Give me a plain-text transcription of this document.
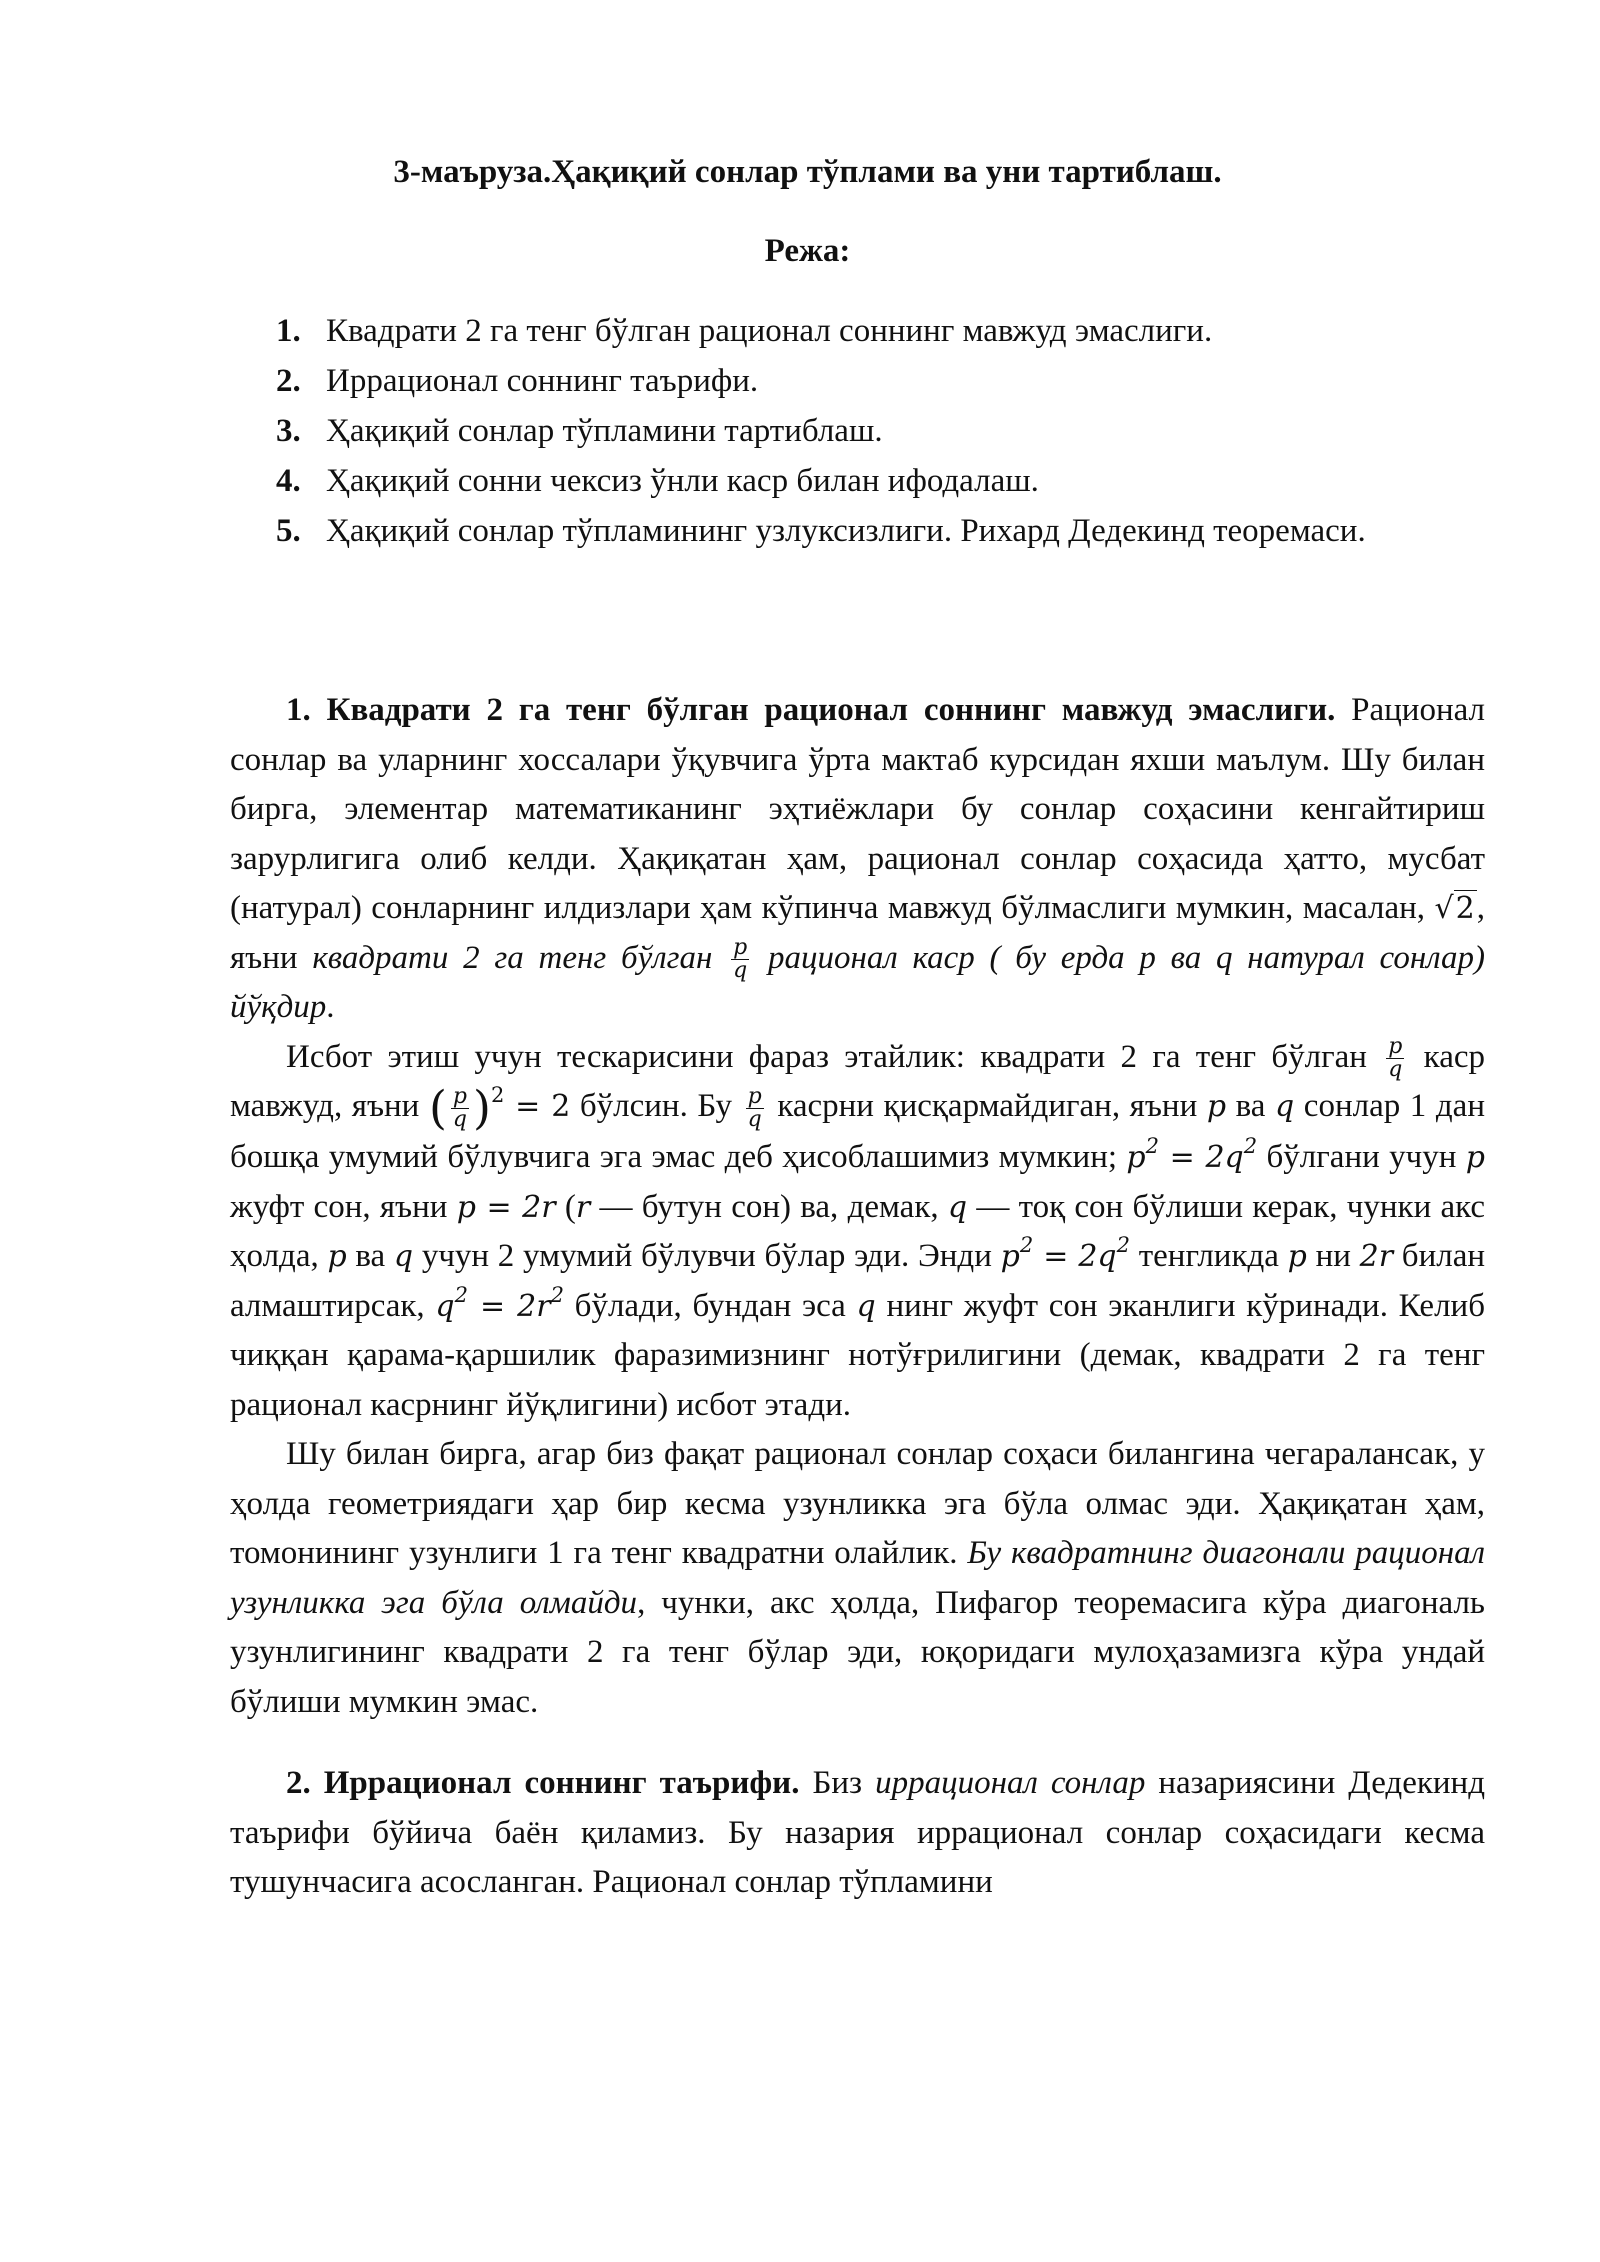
3-маъруза.Ҳақиқий сонлар тўплами ва уни тартиблаш.
Режа:
1. Квадрати 2 га тенг бўлган рационал соннинг мавжуд эмаслиги.
2. Иррационал соннинг таърифи.
3. Ҳақиқий сонлар тўпламини тартиблаш.
4. Ҳақиқий сонни чексиз ўнли каср билан ифодалаш.
5. Ҳақиқий сонлар тўпламининг узлуксизлиги. Рихард Дедекинд теоремаси.

1. Квадрати 2 га тенг бўлган рационал соннинг мавжуд эмаслиги. Рационал сонлар ва уларнинг хоссалари ўқувчига ўрта мактаб курсидан яхши маълум. Шу билан бирга, элементар математиканинг эҳтиёжлари бу сонлар соҳасини кенгайтириш зарурлигига олиб келди. Ҳақиқатан ҳам, рационал сонлар соҳасида ҳатто, мусбат (натурал) сонларнинг илдизлари ҳам кўпинча мавжуд бўлмаслиги мумкин, масалан, √2, яъни квадрати 2 га тенг бўлган $\frac{p}{q}$ рационал каср ( бу ерда p ва q натурал сонлар) йўқдир.

Исбот этиш учун тескарисини фараз этайлик: квадрати 2 га тенг бўлган $\frac{p}{q}$ каср мавжуд, яъни ( $\frac{p}{q} )^2 = 2$ бўлсин. Бу $\frac{p}{q}$ касрни қисқармайдиган, яъни p ва q сонлар 1 дан бошқа умумий бўлувчига эга эмас деб ҳисоблашимиз мумкин; $p^2 = 2q^2$ бўлгани учун p жуфт сон, яъни p = 2r (r — бутун сон) ва, демак, q — тоқ сон бўлиши керак, чунки акс ҳолда, p ва q учун 2 умумий бўлувчи бўлар эди. Энди $p^2 = 2q^2$ тенгликда p ни 2r билан алмаштирсак, $q^2 = 2r^2$ бўлади, бундан эса q нинг жуфт сон эканлиги кўринади. Келиб чиққан қарама-қаршилик фаразимизнинг нотўғрилигини (демак, квадрати 2 га тенг рационал касрнинг йўқлигини) исбот этади.

Шу билан бирга, агар биз фақат рационал сонлар соҳаси билангина чегаралансак, у ҳолда геометриядаги ҳар бир кесма узунликка эга бўла олмас эди. Ҳақиқатан ҳам, томонининг узунлиги 1 га тенг квадратни олайлик. Бу квадратнинг диагонали рационал узунликка эга бўла олмайди, чунки, акс ҳолда, Пифагор теоремасига кўра диагональ узунлигининг квадрати 2 га тенг бўлар эди, юқоридаги мулоҳазамизга кўра ундай бўлиши мумкин эмас.

2. Иррационал соннинг таърифи. Биз иррационал сонлар назариясини Дедекинд таърифи бўйича баён қиламиз. Бу назария иррационал сонлар соҳасидаги кесма тушунчасига асосланган. Рационал сонлар тўпламини
